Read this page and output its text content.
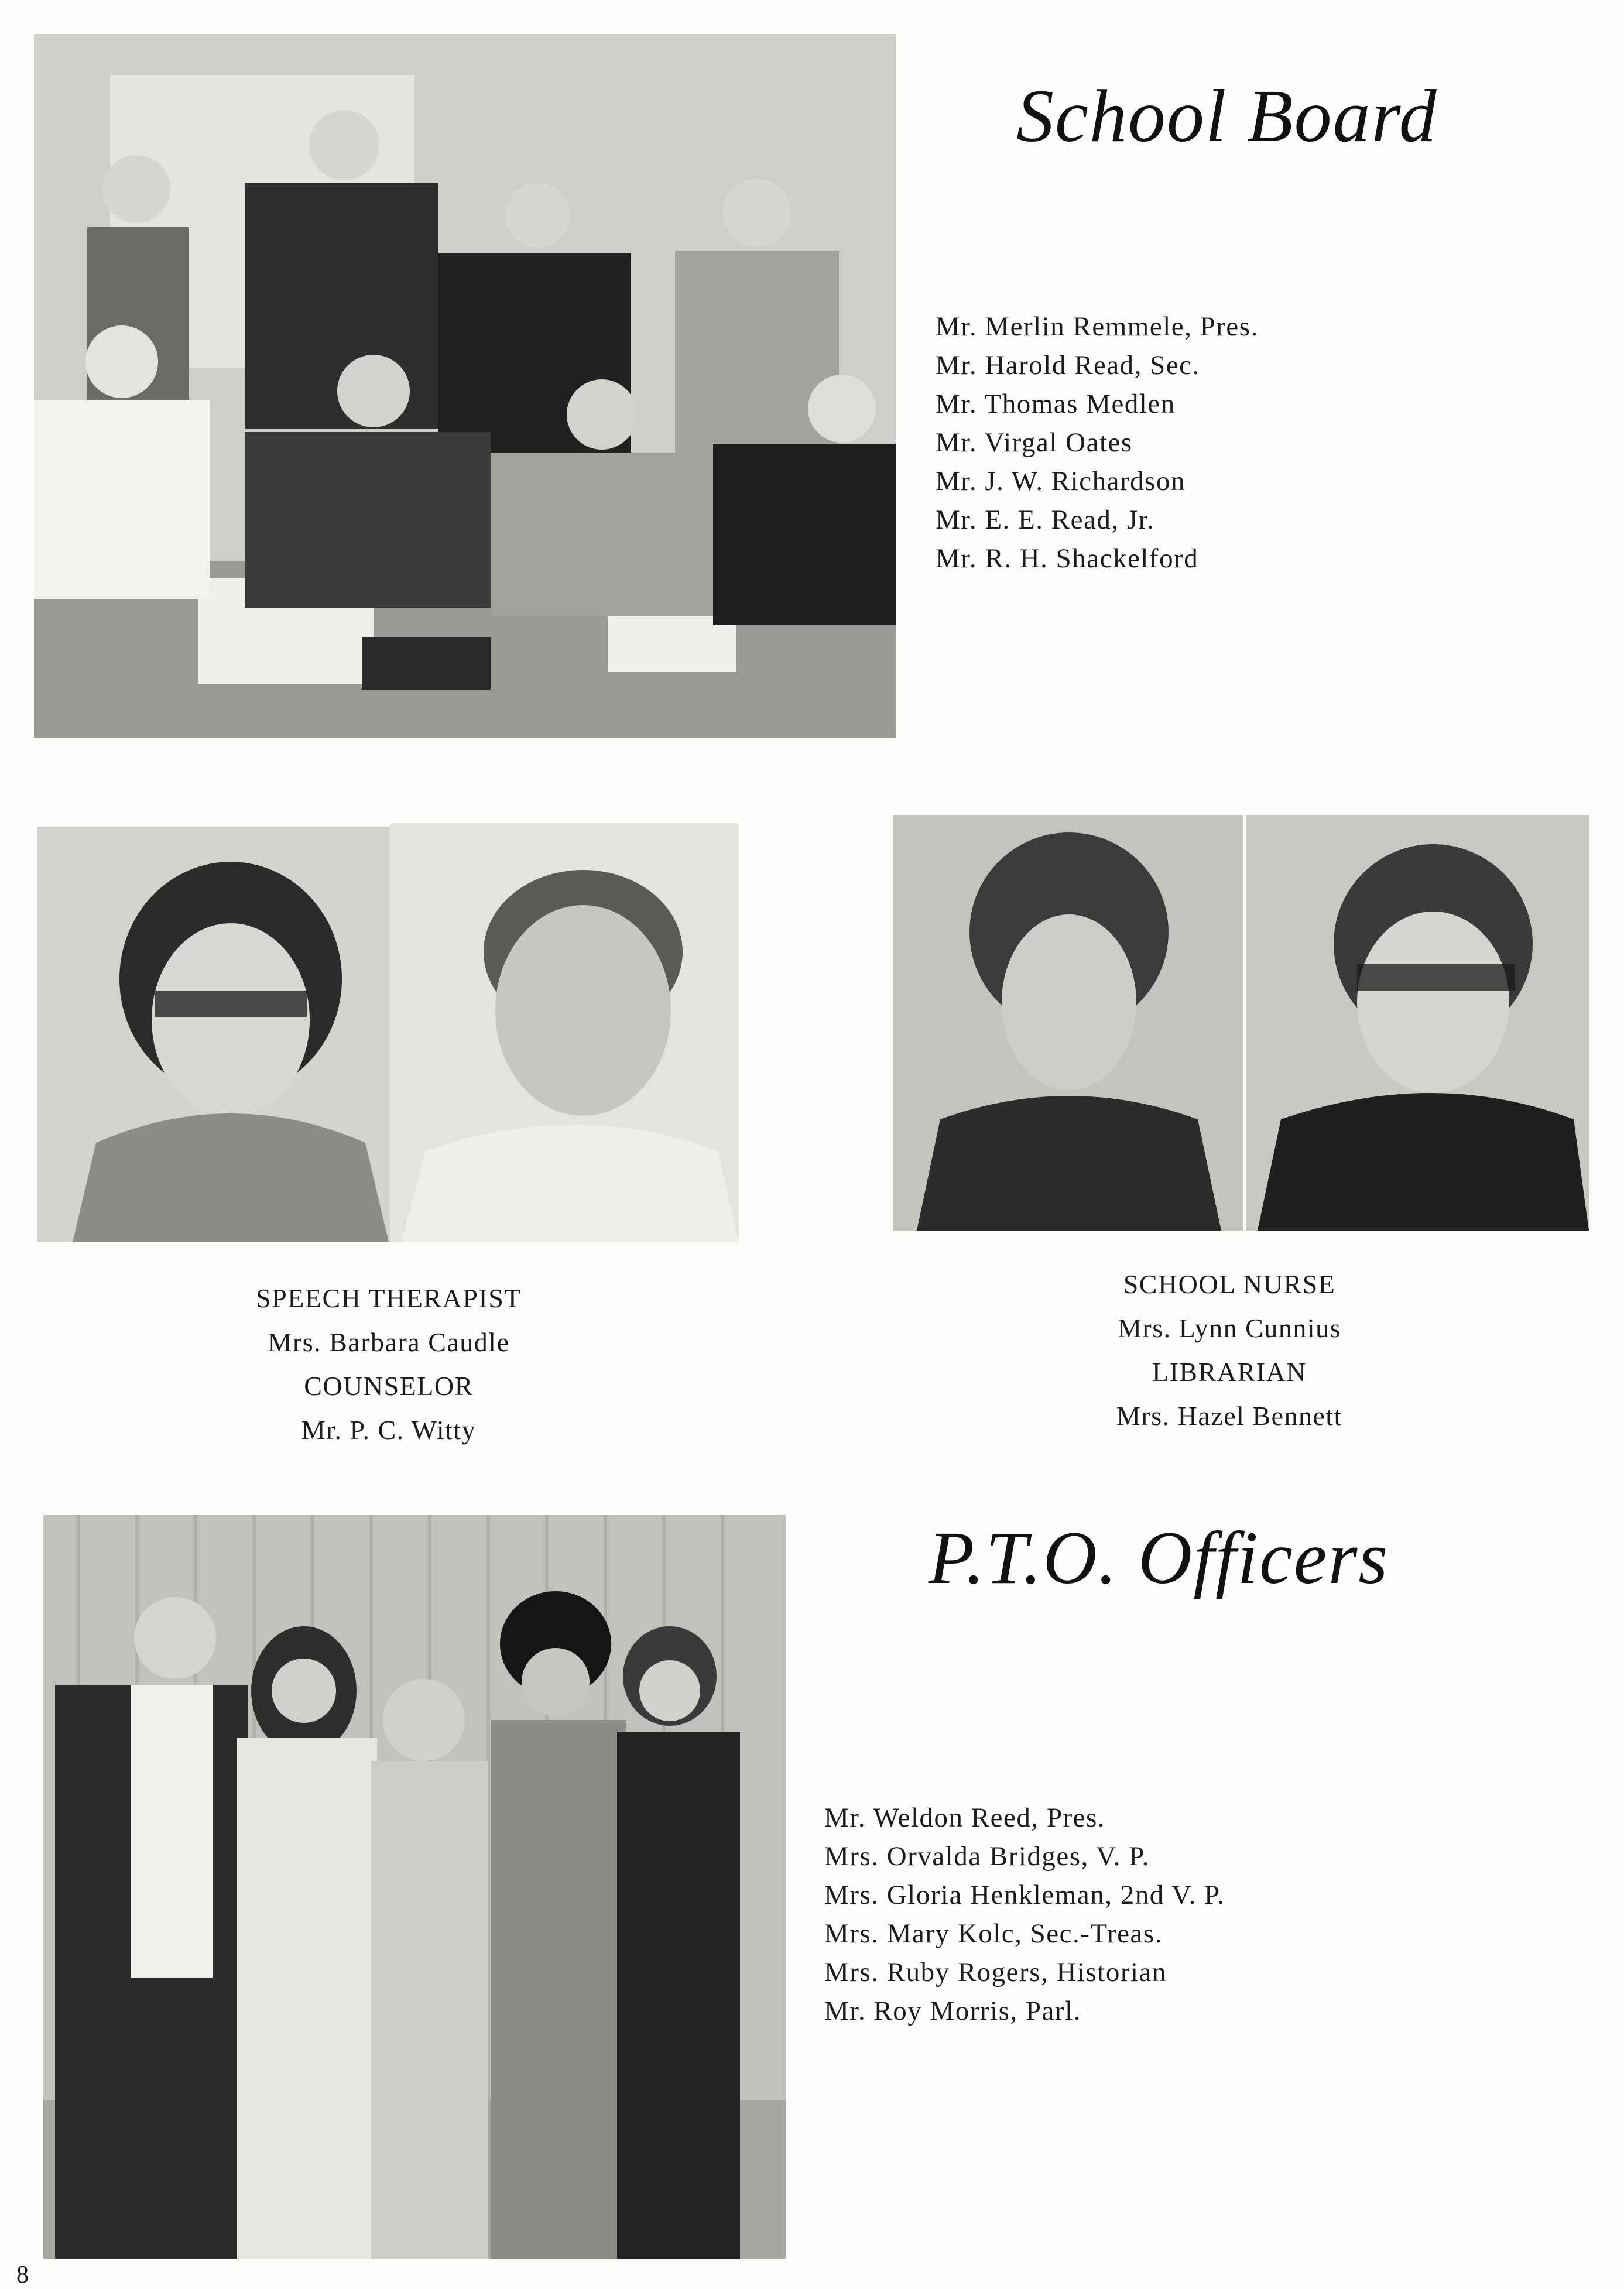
School Board
Mr. Merlin Remmele, Pres.
Mr. Harold Read, Sec.
Mr. Thomas Medlen
Mr. Virgal Oates
Mr. J. W. Richardson
Mr. E. E. Read, Jr.
Mr. R. H. Shackelford
SPEECH THERAPIST
Mrs. Barbara Caudle
COUNSELOR
Mr. P. C. Witty
SCHOOL NURSE
Mrs. Lynn Cunnius
LIBRARIAN
Mrs. Hazel Bennett
P.T.O. Officers
Mr. Weldon Reed, Pres.
Mrs. Orvalda Bridges, V. P.
Mrs. Gloria Henkleman, 2nd V. P.
Mrs. Mary Kolc, Sec.-Treas.
Mrs. Ruby Rogers, Historian
Mr. Roy Morris, Parl.
8
